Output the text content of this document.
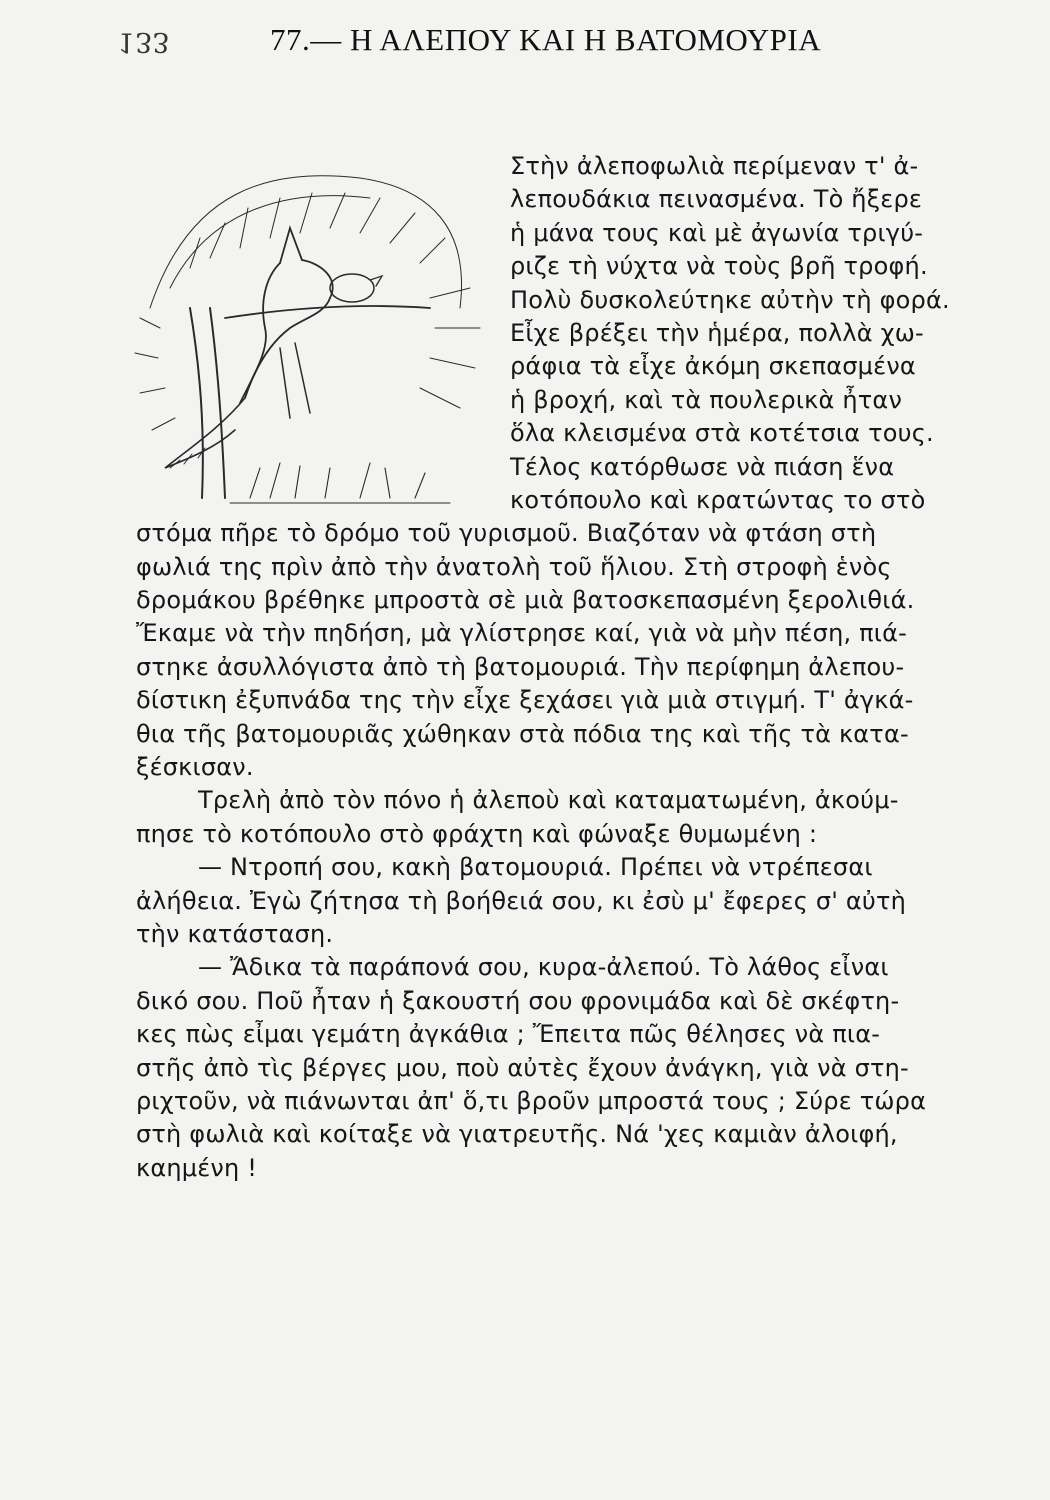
133	77.— Η ΑΛΕΠΟΥ ΚΑΙ Η ΒΑΤΟΜΟΥΡΙΑ
Στὴν ἀλεποφωλιὰ περίμεναν τ' ἀ-
λεπουδάκια πεινασμένα. Τὸ ἤξερε
ἡ μάνα τους καὶ μὲ ἀγωνία τριγύ-
ριζε τὴ νύχτα νὰ τοὺς βρῆ τροφή.
Πολὺ δυσκολεύτηκε αὐτὴν τὴ φορά.
Εἶχε βρέξει τὴν ἡμέρα, πολλὰ χω-
ράφια τὰ εἶχε ἀκόμη σκεπασμένα
ἡ βροχή, καὶ τὰ πουλερικὰ ἦταν
ὅλα κλεισμένα στὰ κοτέτσια τους.
Τέλος κατόρθωσε νὰ πιάση ἕνα
κοτόπουλο καὶ κρατώντας το στὸ
στόμα πῆρε τὸ δρόμο τοῦ γυρισμοῦ. Βιαζόταν νὰ φτάση στὴ
φωλιά της πρὶν ἀπὸ τὴν ἀνατολὴ τοῦ ἥλιου. Στὴ στροφὴ ἑνὸς
δρομάκου βρέθηκε μπροστὰ σὲ μιὰ βατοσκεπασμένη ξερολιθιά.
Ἔκαμε νὰ τὴν πηδήση, μὰ γλίστρησε καί, γιὰ νὰ μὴν πέση, πιά-
στηκε ἀσυλλόγιστα ἀπὸ τὴ βατομουριά. Τὴν περίφημη ἀλεπου-
δίστικη ἐξυπνάδα της τὴν εἶχε ξεχάσει γιὰ μιὰ στιγμή. Τ' ἀγκά-
θια τῆς βατομουριᾶς χώθηκαν στὰ πόδια της καὶ τῆς τὰ κατα-
ξέσκισαν.
Τρελὴ ἀπὸ τὸν πόνο ἡ ἀλεποὺ καὶ καταματωμένη, ἀκούμ-
πησε τὸ κοτόπουλο στὸ φράχτη καὶ φώναξε θυμωμένη :
— Ντροπή σου, κακὴ βατομουριά. Πρέπει νὰ ντρέπεσαι
ἀλήθεια. Ἐγὼ ζήτησα τὴ βοήθειά σου, κι ἐσὺ μ' ἔφερες σ' αὐτὴ
τὴν κατάσταση.
— Ἄδικα τὰ παράπονά σου, κυρα-ἀλεπού. Τὸ λάθος εἶναι
δικό σου. Ποῦ ἦταν ἡ ξακουστή σου φρονιμάδα καὶ δὲ σκέφτη-
κες πὼς εἶμαι γεμάτη ἀγκάθια ; Ἔπειτα πῶς θέλησες νὰ πια-
στῆς ἀπὸ τὶς βέργες μου, ποὺ αὐτὲς ἔχουν ἀνάγκη, γιὰ νὰ στη-
ριχτοῦν, νὰ πιάνωνται ἀπ' ὅ,τι βροῦν μπροστά τους ; Σύρε τώρα
στὴ φωλιὰ καὶ κοίταξε νὰ γιατρευτῆς. Νά 'χες καμιὰν ἀλοιφή,
καημένη !
